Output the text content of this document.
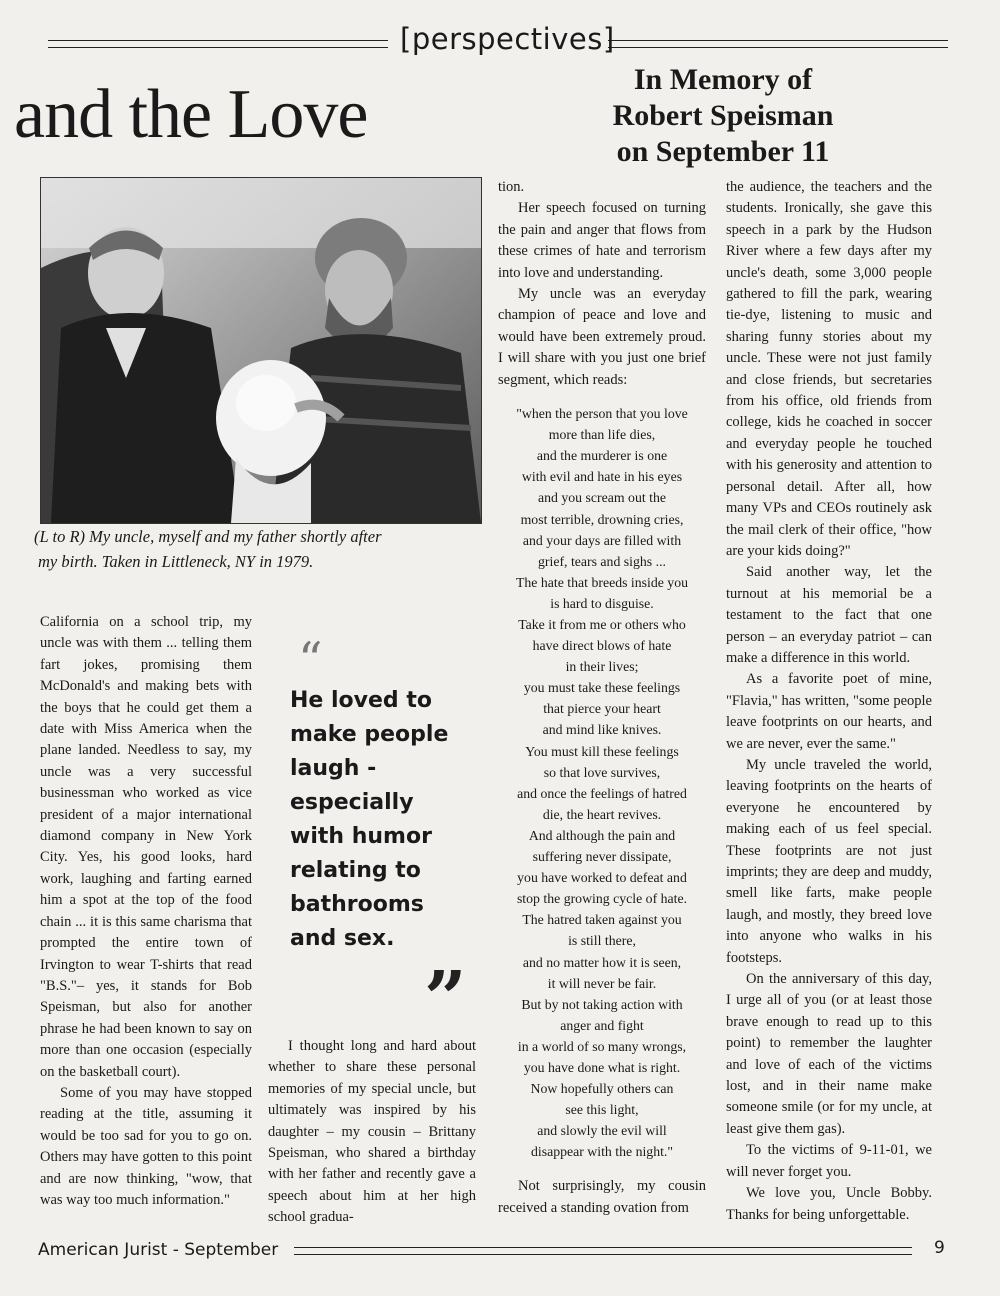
[perspectives]
and the Love	In Memory of
Robert Speisman
on September 11
(L to R) My uncle, myself and my father shortly after
my birth. Taken in Littleneck, NY in 1979.

California on a school trip, my uncle was with them ... telling them fart jokes, promising them McDonald's and making bets with the boys that he could get them a date with Miss America when the plane landed. Needless to say, my uncle was a very successful businessman who worked as vice president of a major international diamond company in New York City. Yes, his good looks, hard work, laughing and farting earned him a spot at the top of the food chain ... it is this same charisma that prompted the entire town of Irvington to wear T-shirts that read "B.S."– yes, it stands for Bob Speisman, but also for another phrase he had been known to say on more than one occasion (especially on the basketball court).

Some of you may have stopped reading at the title, assuming it would be too sad for you to go on. Others may have gotten to this point and are now thinking, "wow, that was way too much information."

“
He loved to
make people
laugh -
especially
with humor
relating to
bathrooms
and sex.
”

I thought long and hard about whether to share these personal memories of my special uncle, but ultimately was inspired by his daughter – my cousin – Brittany Speisman, who shared a birthday with her father and recently gave a speech about him at her high school gradua-

tion.

Her speech focused on turning the pain and anger that flows from these crimes of hate and terrorism into love and understanding.

My uncle was an everyday champion of peace and love and would have been extremely proud. I will share with you just one brief segment, which reads:

"when the person that you love
more than life dies,
and the murderer is one
with evil and hate in his eyes
and you scream out the
most terrible, drowning cries,
and your days are filled with
grief, tears and sighs ...
The hate that breeds inside you
is hard to disguise.
Take it from me or others who
have direct blows of hate
in their lives;
you must take these feelings
that pierce your heart
and mind like knives.
You must kill these feelings
so that love survives,
and once the feelings of hatred
die, the heart revives.
And although the pain and
suffering never dissipate,
you have worked to defeat and
stop the growing cycle of hate.
The hatred taken against you
is still there,
and no matter how it is seen,
it will never be fair.
But by not taking action with
anger and fight
in a world of so many wrongs,
you have done what is right.
Now hopefully others can
see this light,
and slowly the evil will
disappear with the night."

Not surprisingly, my cousin received a standing ovation from

the audience, the teachers and the students. Ironically, she gave this speech in a park by the Hudson River where a few days after my uncle's death, some 3,000 people gathered to fill the park, wearing tie-dye, listening to music and sharing funny stories about my uncle. These were not just family and close friends, but secretaries from his office, old friends from college, kids he coached in soccer and everyday people he touched with his generosity and attention to personal detail. After all, how many VPs and CEOs routinely ask the mail clerk of their office, "how are your kids doing?"

Said another way, let the turnout at his memorial be a testament to the fact that one person – an everyday patriot – can make a difference in this world.

As a favorite poet of mine, "Flavia," has written, "some people leave footprints on our hearts, and we are never, ever the same."

My uncle traveled the world, leaving footprints on the hearts of everyone he encountered by making each of us feel special. These footprints are not just imprints; they are deep and muddy, smell like farts, make people laugh, and mostly, they breed love into anyone who walks in his footsteps.

On the anniversary of this day, I urge all of you (or at least those brave enough to read up to this point) to remember the laughter and love of each of the victims lost, and in their name make someone smile (or for my uncle, at least give them gas).

To the victims of 9-11-01, we will never forget you.

We love you, Uncle Bobby. Thanks for being unforgettable.

American Jurist - September	9
